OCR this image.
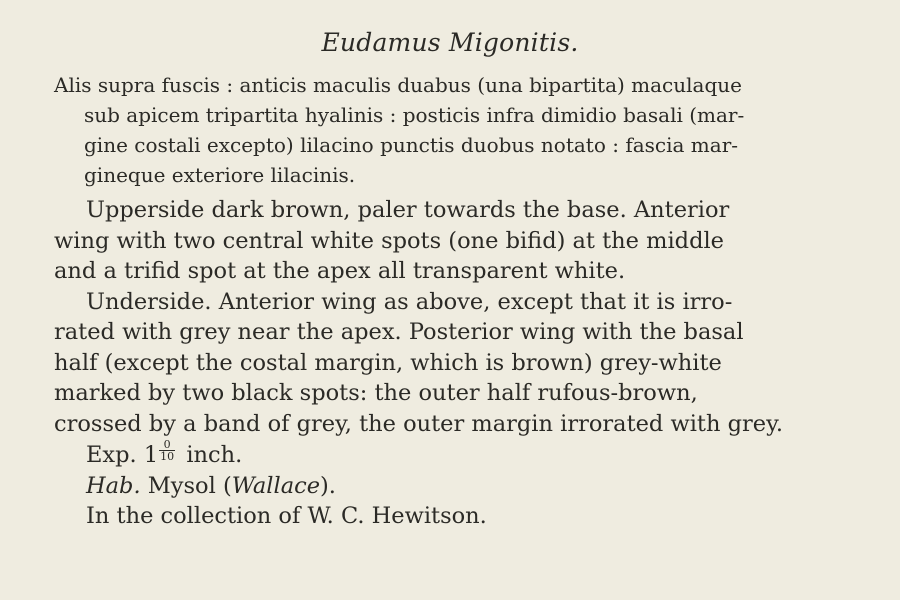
Eudamus Migonitis.
Alis supra fuscis : anticis maculis duabus (una bipartita) maculaque
sub apicem tripartita hyalinis : posticis infra dimidio basali (mar-
gine costali excepto) lilacino punctis duobus notato : fascia mar-
gineque exteriore lilacinis.
Upperside dark brown, paler towards the base. Anterior
wing with two central white spots (one bifid) at the middle
and a trifid spot at the apex all transparent white.
Underside. Anterior wing as above, except that it is irro-
rated with grey near the apex. Posterior wing with the basal
half (except the costal margin, which is brown) grey-white
marked by two black spots: the outer half rufous-brown,
crossed by a band of grey, the outer margin irrorated with grey.
Exp. $1 \frac{0}{10}$ inch.
Hab. Mysol (Wallace).
In the collection of W. C. Hewitson.
